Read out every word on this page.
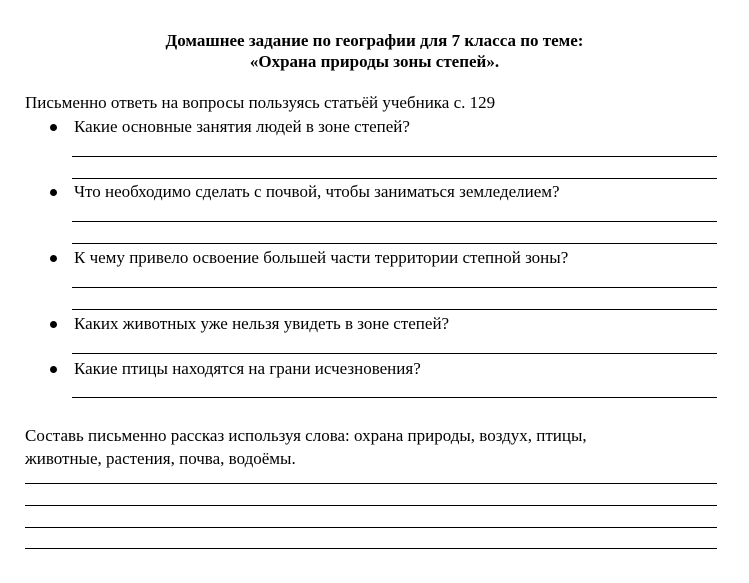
Домашнее задание по географии для 7 класса по теме:
«Охрана природы зоны степей».
Письменно ответь на вопросы пользуясь статьёй учебника с. 129
Какие основные занятия людей в зоне степей?
Что необходимо сделать с почвой, чтобы заниматься земледелием?
К чему привело освоение большей части территории степной зоны?
Каких животных уже нельзя увидеть в зоне степей?
Какие птицы находятся на грани исчезновения?
Составь письменно рассказ используя слова: охрана природы, воздух, птицы,
животные, растения, почва, водоёмы.
